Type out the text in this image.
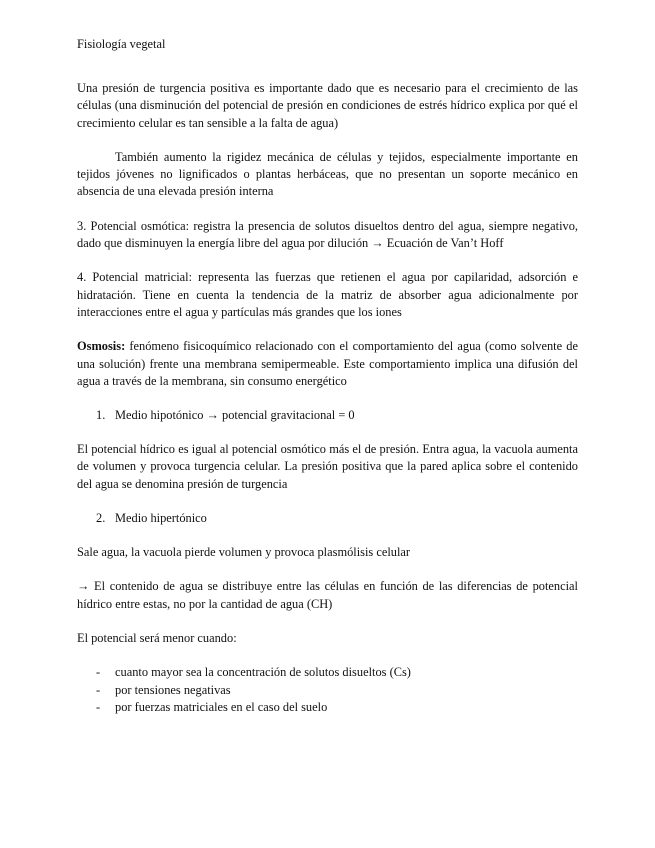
Fisiología vegetal

Una presión de turgencia positiva es importante dado que es necesario para el crecimiento de las células (una disminución del potencial de presión en condiciones de estrés hídrico explica por qué el crecimiento celular es tan sensible a la falta de agua)

También aumento la rigidez mecánica de células y tejidos, especialmente importante en tejidos jóvenes no lignificados o plantas herbáceas, que no presentan un soporte mecánico en absencia de una elevada presión interna

3. Potencial osmótica: registra la presencia de solutos disueltos dentro del agua, siempre negativo, dado que disminuyen la energía libre del agua por dilución → Ecuación de Van’t Hoff

4. Potencial matricial: representa las fuerzas que retienen el agua por capilaridad, adsorción e hidratación. Tiene en cuenta la tendencia de la matriz de absorber agua adicionalmente por interacciones entre el agua y partículas más grandes que los iones

Osmosis: fenómeno fisicoquímico relacionado con el comportamiento del agua (como solvente de una solución) frente una membrana semipermeable. Este comportamiento implica una difusión del agua a través de la membrana, sin consumo energético

1. Medio hipotónico → potencial gravitacional = 0

El potencial hídrico es igual al potencial osmótico más el de presión. Entra agua, la vacuola aumenta de volumen y provoca turgencia celular. La presión positiva que la pared aplica sobre el contenido del agua se denomina presión de turgencia

2. Medio hipertónico

Sale agua, la vacuola pierde volumen y provoca plasmólisis celular

→ El contenido de agua se distribuye entre las células en función de las diferencias de potencial hídrico entre estas, no por la cantidad de agua (CH)

El potencial será menor cuando:

-	cuanto mayor sea la concentración de solutos disueltos (Cs)
-	por tensiones negativas
-	por fuerzas matriciales en el caso del suelo
